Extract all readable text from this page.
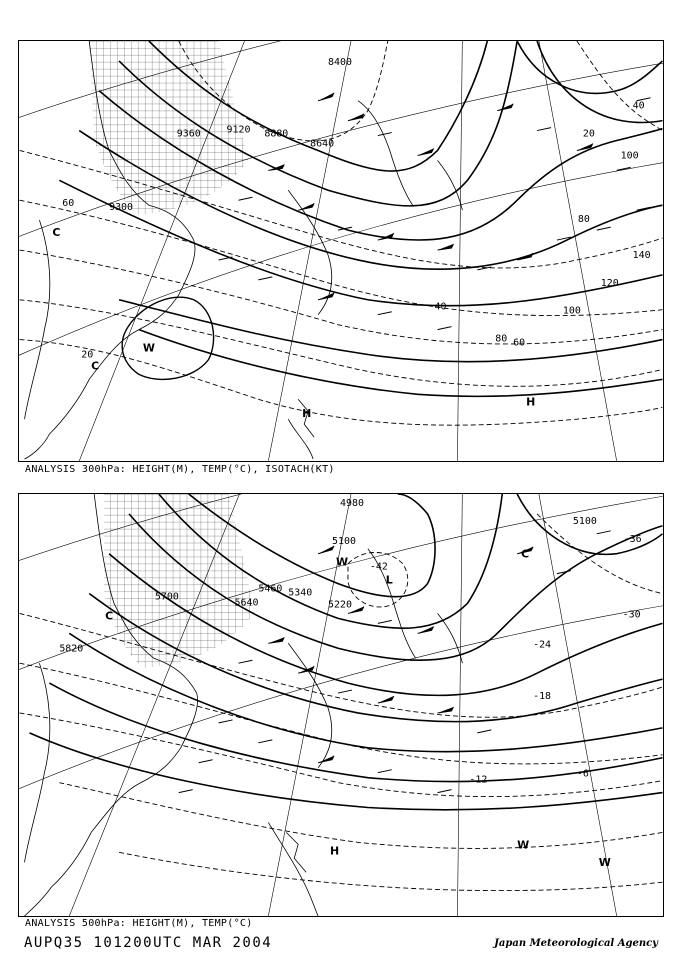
8400
9360	9120 8880
8640
9300
20
40
60
80
100
120
140
20
40
60
80
100
W
C
H
H
C
ANALYSIS 300hPa: HEIGHT(M), TEMP(°C), ISOTACH(KT)
5100
5700
5640
5460 5340
5220
5820
5100
4980
-42
-36
-30
-24
-18
-12
-6
L
C
C
H	W
W
W
ANALYSIS 500hPa: HEIGHT(M), TEMP(°C)
AUPQ35 101200UTC MAR 2004	Japan Meteorological Agency
